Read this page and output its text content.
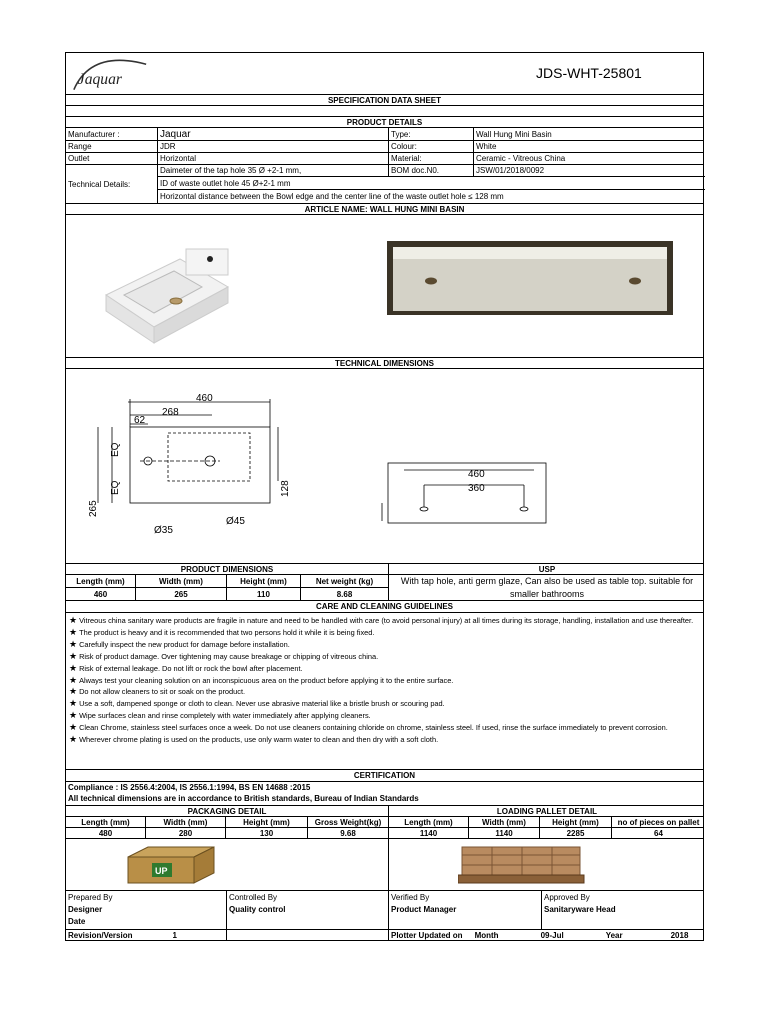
Jaquar	JDS-WHT-25801
SPECIFICATION DATA SHEET
PRODUCT DETAILS
Manufacturer :	Jaquar	Type:	Wall Hung Mini Basin
Range	JDR	Colour:	White
Outlet	Horizontal	Material:	Ceramic - Vitreous China
Technical Details:
Daimeter of the tap hole 35 Ø +2-1 mm,	BOM doc.N0.	JSW/01/2018/0092
ID of waste outlet hole 45 Ø+2-1 mm
Horizontal distance between the Bowl edge and the center line of the waste outlet hole ≤ 128 mm
ARTICLE NAME: WALL HUNG MINI BASIN
TECHNICAL DIMENSIONS
460
268
62
265
128
EQ
EQ
Ø35
Ø45
460
360
PRODUCT DIMENSIONS	USP
Length (mm)	Width (mm)	Height (mm)	Net weight (kg)
460	265	110	8.68
With tap hole, anti germ glaze, Can also be used as table top. suitable for smaller bathrooms
CARE AND CLEANING GUIDELINES
★ Vitreous china sanitary ware products are fragile in nature and need to be handled with care (to avoid personal injury) at all times during its storage, handling, installation and use thereafter.
★ The product is heavy and it is recommended that two persons hold it while it is being fixed.
★ Carefully inspect the new product for damage before installation.
★ Risk of product damage. Over tightening may cause breakage or chipping of vitreous china.
★ Risk of external leakage. Do not lift or rock the bowl after placement.
★ Always test your cleaning solution on an inconspicuous area on the product before applying it to the entire surface.
★ Do not allow cleaners to sit or soak on the product.
★ Use a soft, dampened sponge or cloth to clean. Never use abrasive material like a bristle brush or scouring pad.
★ Wipe surfaces clean and rinse completely with water immediately after applying cleaners.
★ Clean Chrome, stainless steel surfaces once a week. Do not use cleaners containing chloride on chrome, stainless steel. If used, rinse the surface immediately to prevent corrosion.
★ Wherever chrome plating is used on the products, use only warm water to clean and then dry with a soft cloth.
CERTIFICATION
Compliance : IS 2556.4:2004, IS 2556.1:1994, BS EN 14688 :2015
All technical dimensions are in accordance to British standards, Bureau of Indian Standards
PACKAGING DETAIL	LOADING PALLET DETAIL
Length (mm)	Width (mm)	Height (mm)	Gross Weight(kg)	Length (mm)	Width (mm)	Height (mm)	no of pieces on pallet
480	280	130	9.68	1140	1140	2285	64
UP
Prepared By
Designer
Date
Controlled By
Quality control
Verified By
Product Manager
Approved By
Sanitaryware Head
Revision/Version	1	Plotter Updated on Month	09-Jul	Year	2018
